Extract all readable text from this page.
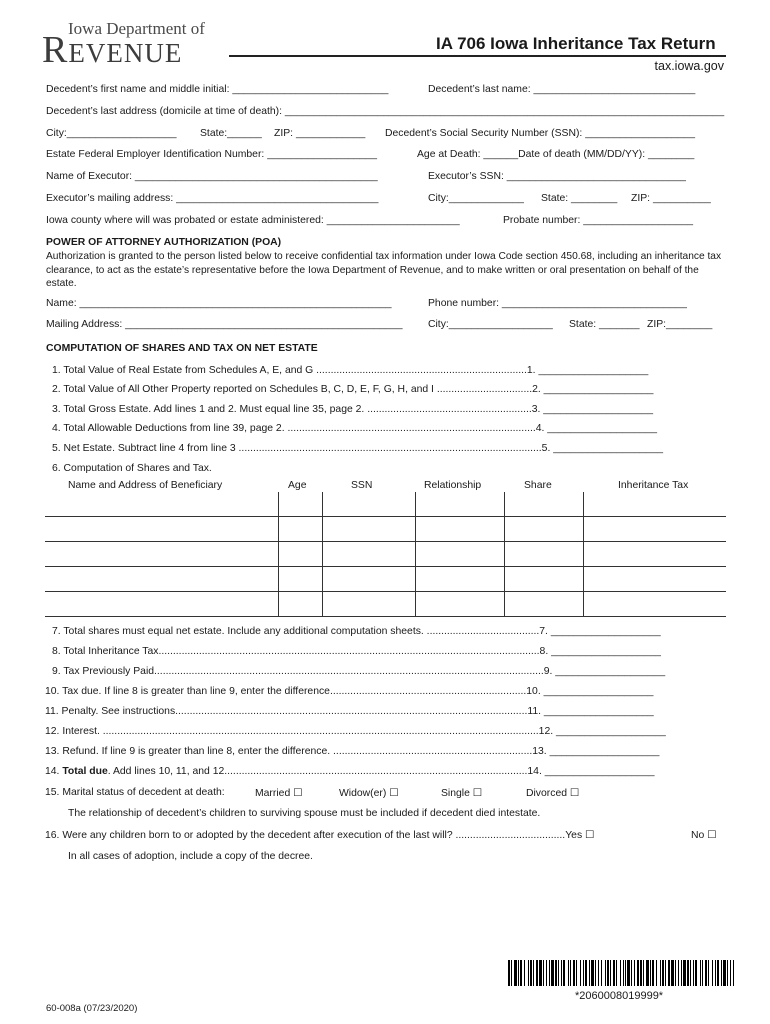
Iowa Department of
REVENUE	IA 706 Iowa Inheritance Tax Return
tax.iowa.gov
Decedent’s first name and middle initial: ___________________________	Decedent’s last name: ____________________________
Decedent’s last address (domicile at time of death): ____________________________________________________________________________
City:___________________ State:______ ZIP: ____________ Decedent’s Social Security Number (SSN): ___________________
Estate Federal Employer Identification Number: ___________________	Age at Death: ______Date of death (MM/DD/YY): ________
Name of Executor: __________________________________________	Executor’s SSN: _______________________________
Executor’s mailing address: ___________________________________	City:_____________ State: ________ ZIP: __________
Iowa county where will was probated or estate administered: _______________________	Probate number: ___________________
POWER OF ATTORNEY AUTHORIZATION (POA)
Authorization is granted to the person listed below to receive confidential tax information under Iowa Code section 450.68, including an inheritance tax clearance, to act as the estate’s representative before the Iowa Department of Revenue, and to make written or oral presentation on behalf of the estate.
Name: ______________________________________________________	Phone number: ________________________________
Mailing Address: ________________________________________________ City:__________________ State: _______ ZIP:________
COMPUTATION OF SHARES AND TAX ON NET ESTATE
1. Total Value of Real Estate from Schedules A, E, and G .........................................................................1. ___________________
2. Total Value of All Other Property reported on Schedules B, C, D, E, F, G, H, and I .................................2. ___________________
3. Total Gross Estate. Add lines 1 and 2. Must equal line 35, page 2. .........................................................3. ___________________
4. Total Allowable Deductions from line 39, page 2. ......................................................................................4. ___________________
5. Net Estate. Subtract line 4 from line 3 .........................................................................................................5. ___________________
6. Computation of Shares and Tax.
Name and Address of Beneficiary	Age	SSN	Relationship	Share	Inheritance Tax

7. Total shares must equal net estate. Include any additional computation sheets. .......................................7. ___________________
8. Total Inheritance Tax....................................................................................................................................8. ___________________
9. Tax Previously Paid.......................................................................................................................................9. ___________________
10. Tax due. If line 8 is greater than line 9, enter the difference....................................................................10. ___________________
11. Penalty. See instructions..........................................................................................................................11. ___________________
12. Interest. .......................................................................................................................................................12. ___________________
13. Refund. If line 9 is greater than line 8, enter the difference. .....................................................................13. ___________________
14. Total due. Add lines 10, 11, and 12.........................................................................................................14. ___________________
15. Marital status of decedent at death:	Married ☐	Widow(er) ☐	Single ☐	Divorced ☐
The relationship of decedent’s children to surviving spouse must be included if decedent died intestate.
16. Were any children born to or adopted by the decedent after execution of the last will? ......................................Yes ☐	No ☐
In all cases of adoption, include a copy of the decree.
*2060008019999*
60-008a (07/23/2020)
